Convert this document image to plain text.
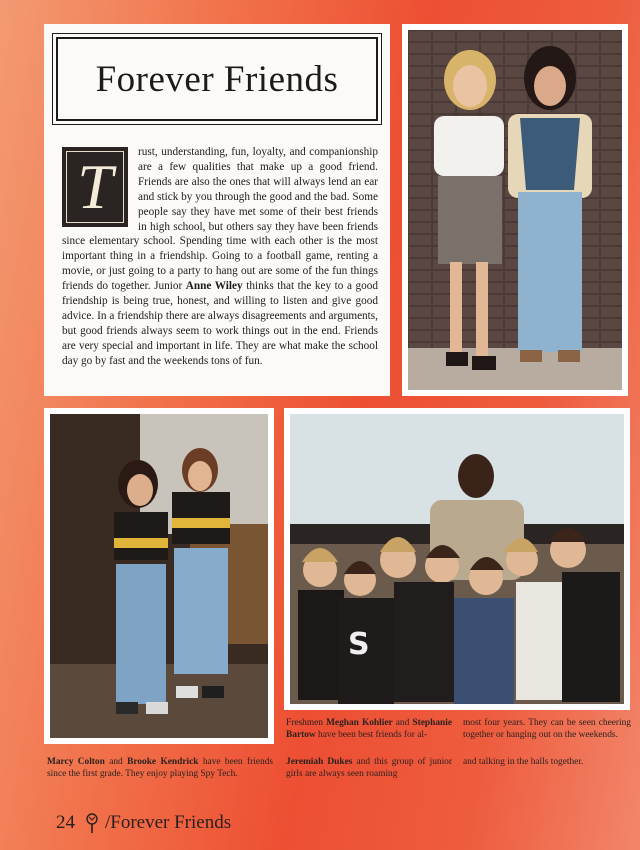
Forever Friends

T rust, understanding, fun, loyalty, and companionship are a few qualities that make up a good friend. Friends are also the ones that will always lend an ear and stick by you through the good and the bad. Some people say they have met some of their best friends in high school, but others say they have been friends since elementary school. Spending time with each other is the most important thing in a friendship. Going to a football game, renting a movie, or just going to a party to hang out are some of the fun things friends do together. Junior Anne Wiley thinks that the key to a good friendship is being true, honest, and willing to listen and give good advice. In a friendship there are always disagreements and arguments, but good friends always seem to work things out in the end. Friends are very special and important in life. They are what make the school day go by fast and the weekends tons of fun.

S

Marcy Colton and Brooke Kendrick have been friends since the first grade. They enjoy playing Spy Tech.

Freshmen Meghan Kohlier and Stephanie Bartow have been best friends for al-

Jeremiah Dukes and this group of junior girls are always seen roaming

most four years. They can be seen cheering together or hanging out on the weekends.

and talking in the halls together.

24 /Forever Friends
